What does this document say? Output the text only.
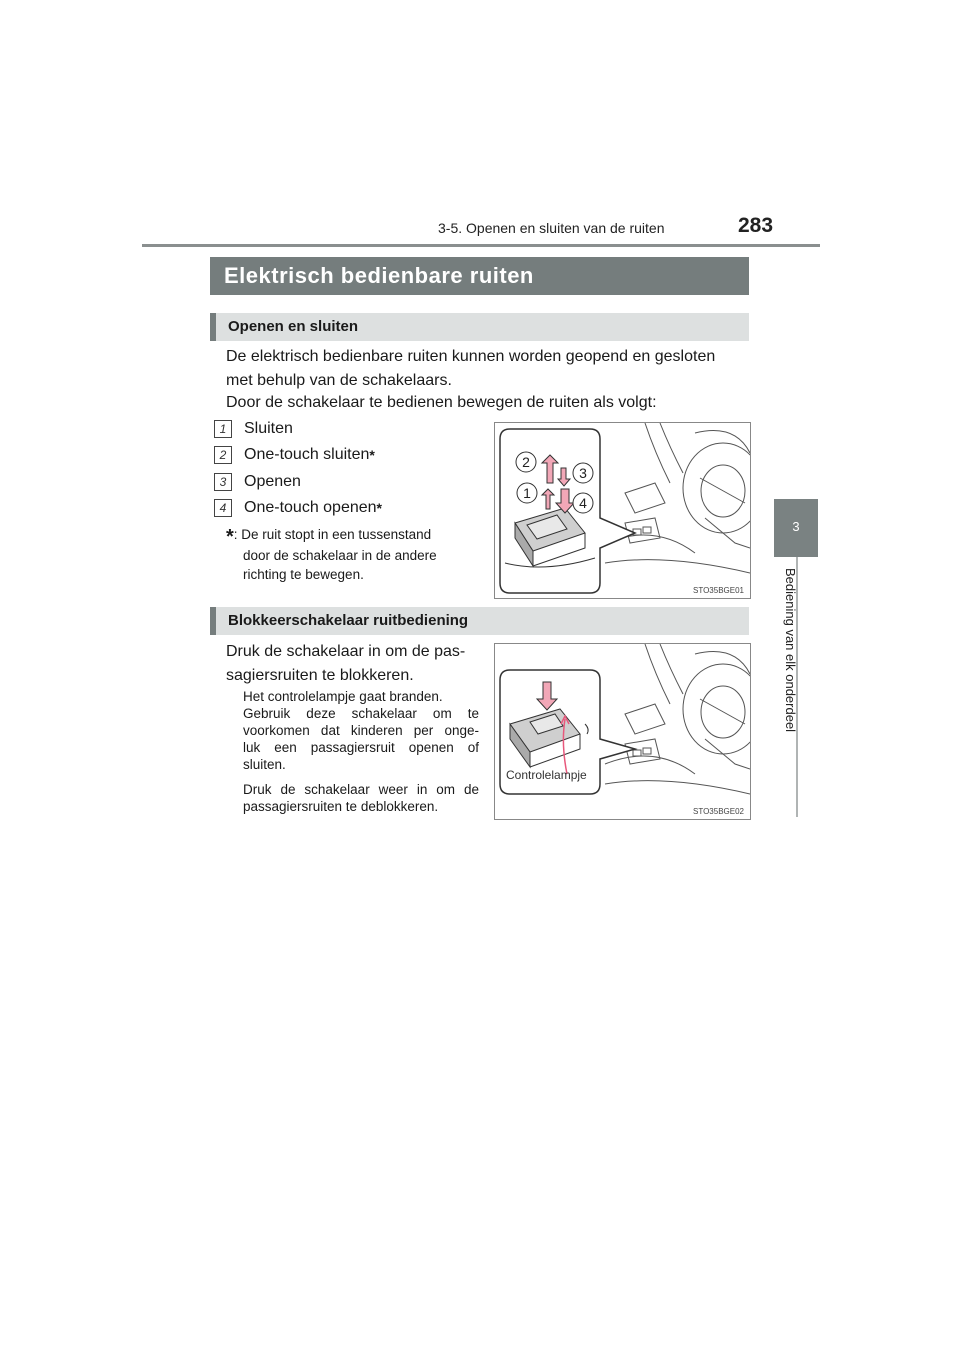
3-5. Openen en sluiten van de ruiten	283
3
Bediening van elk onderdeel
Elektrisch bedienbare ruiten
Openen en sluiten
De elektrisch bedienbare ruiten kunnen worden geopend en gesloten
met behulp van de schakelaars.
Door de schakelaar te bedienen bewegen de ruiten als volgt:
1	Sluiten
2	One-touch sluiten *
3	Openen
4	One-touch openen *
*: De ruit stopt in een tussenstand
door de schakelaar in de andere
richting te bewegen.
1
2
3
4
STO35BGE01
Blokkeerschakelaar ruitbediening
Druk de schakelaar in om de pas-
sagiersruiten te blokkeren.
Het controlelampje gaat branden.
Gebruik deze schakelaar om te
voorkomen dat kinderen per onge-
luk een passagiersruit openen of
sluiten.
Druk de schakelaar weer in om de
passagiersruiten te deblokkeren.
Controlelampje
STO35BGE02
